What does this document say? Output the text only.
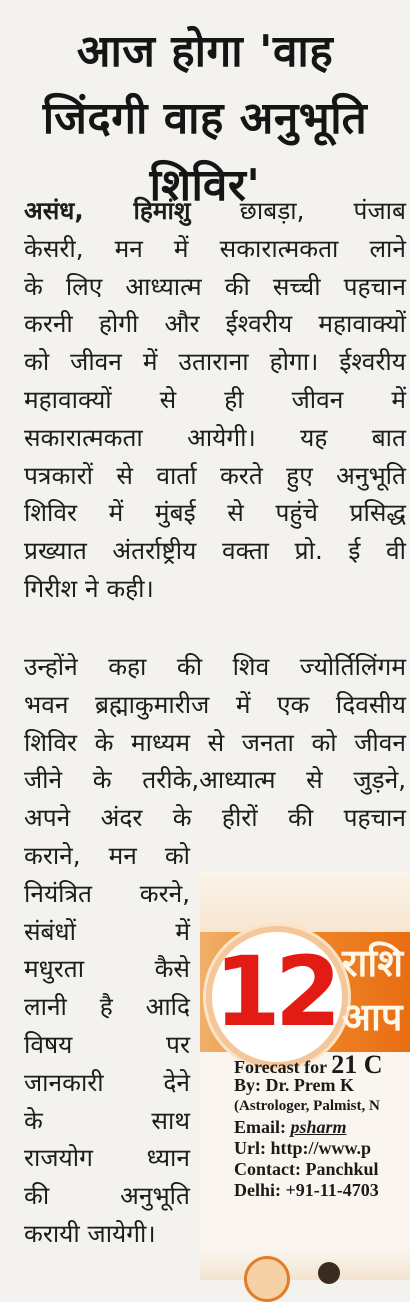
आज होगा 'वाह
जिंदगी वाह अनुभूति
शिविर'
असंध, हिमांशु छाबड़ा, पंजाब
केसरी, मन में सकारात्मकता लाने
के लिए आध्यात्म की सच्ची पहचान
करनी होगी और ईश्वरीय महावाक्यों
को जीवन में उताराना होगा। ईश्वरीय
महावाक्यों से ही जीवन में
सकारात्मकता आयेगी। यह बात
पत्रकारों से वार्ता करते हुए अनुभूति
शिविर में मुंबई से पहुंचे प्रसिद्ध
प्रख्यात अंतर्राष्ट्रीय वक्ता प्रो. ई वी
गिरीश ने कही।
उन्होंने कहा की शिव ज्योर्तिलिंगम
भवन ब्रह्माकुमारीज में एक दिवसीय
शिविर के माध्यम से जनता को जीवन
जीने के तरीके,आध्यात्म से जुड़ने,
अपने अंदर के हीरों की पहचान
कराने, मन को
नियंत्रित करने,
संबंधों में
मधुरता कैसे
लानी है आदि
विषय पर
जानकारी देने
के साथ
राजयोग ध्यान
की अनुभूति
करायी जायेगी।
12 राशि
आप
Forecast for 21 C
By: Dr. Prem K
(Astrologer, Palmist, N
Email: psharm
Url: http://www.p
Contact: Panchkul
Delhi: +91-11-4703
